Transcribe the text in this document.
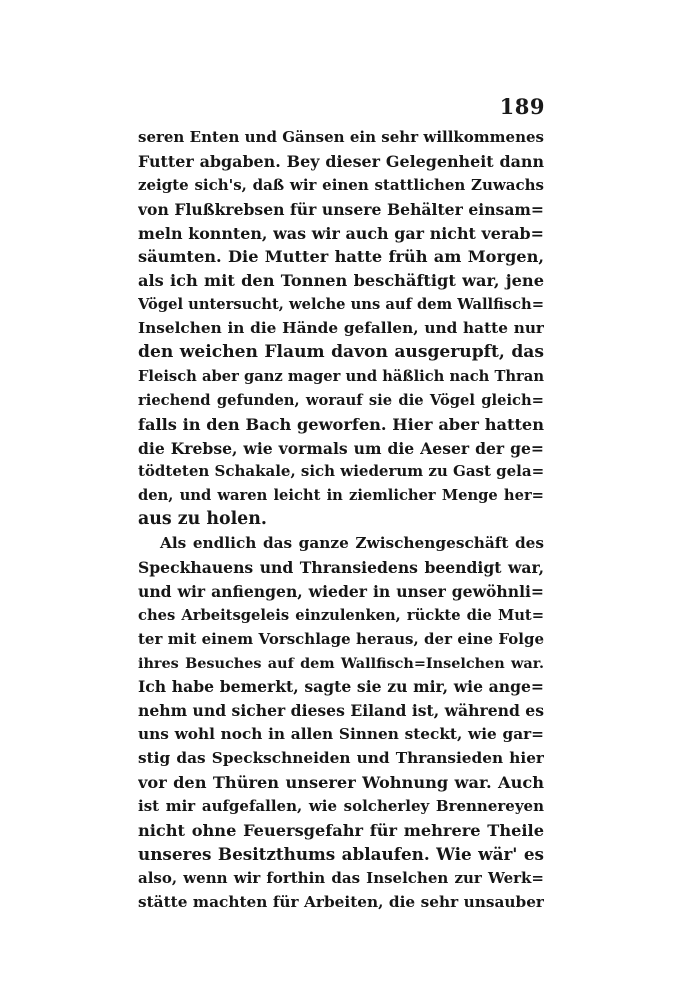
189
seren Enten und Gänsen ein sehr willkommenes
Futter abgaben. Bey dieser Gelegenheit dann
zeigte sich's, daß wir einen stattlichen Zuwachs
von Flußkrebsen für unsere Behälter einsam=
meln konnten, was wir auch gar nicht verab=
säumten. Die Mutter hatte früh am Morgen,
als ich mit den Tonnen beschäftigt war, jene
Vögel untersucht, welche uns auf dem Wallfisch=
Inselchen in die Hände gefallen, und hatte nur
den weichen Flaum davon ausgerupft, das
Fleisch aber ganz mager und häßlich nach Thran
riechend gefunden, worauf sie die Vögel gleich=
falls in den Bach geworfen. Hier aber hatten
die Krebse, wie vormals um die Aeser der ge=
tödteten Schakale, sich wiederum zu Gast gela=
den, und waren leicht in ziemlicher Menge her=
aus zu holen.
Als endlich das ganze Zwischengeschäft des
Speckhauens und Thransiedens beendigt war,
und wir anfiengen, wieder in unser gewöhnli=
ches Arbeitsgeleis einzulenken, rückte die Mut=
ter mit einem Vorschlage heraus, der eine Folge
ihres Besuches auf dem Wallfisch=Inselchen war.
Ich habe bemerkt, sagte sie zu mir, wie ange=
nehm und sicher dieses Eiland ist, während es
uns wohl noch in allen Sinnen steckt, wie gar=
stig das Speckschneiden und Thransieden hier
vor den Thüren unserer Wohnung war. Auch
ist mir aufgefallen, wie solcherley Brennereyen
nicht ohne Feuersgefahr für mehrere Theile
unseres Besitzthums ablaufen. Wie wär' es
also, wenn wir forthin das Inselchen zur Werk=
stätte machten für Arbeiten, die sehr unsauber
